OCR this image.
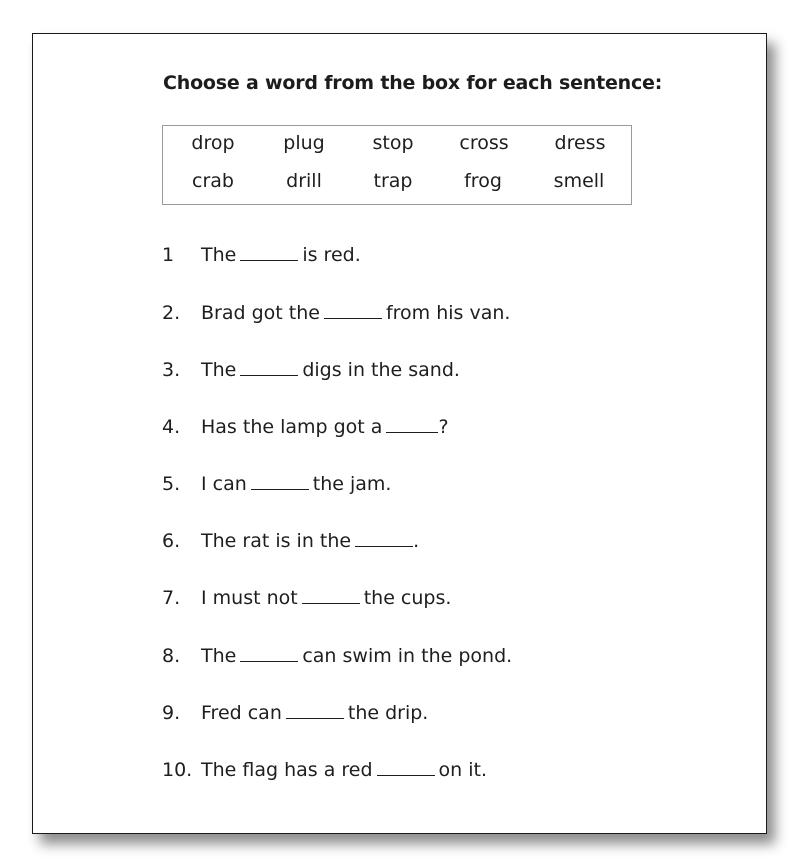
Choose a word from the box for each sentence:
drop	plug	stop cross dress
crab	drill	trap	frog	smell
1 The	is red.
2. Brad got the	from his van.
3. The	digs in the sand.
4. Has the lamp got a	?
5. I can	the jam.
6. The rat is in the	.
7. I must not	the cups.
8. The	can swim in the pond.
9. Fred can	the drip.
10. The flag has a red	on it.
